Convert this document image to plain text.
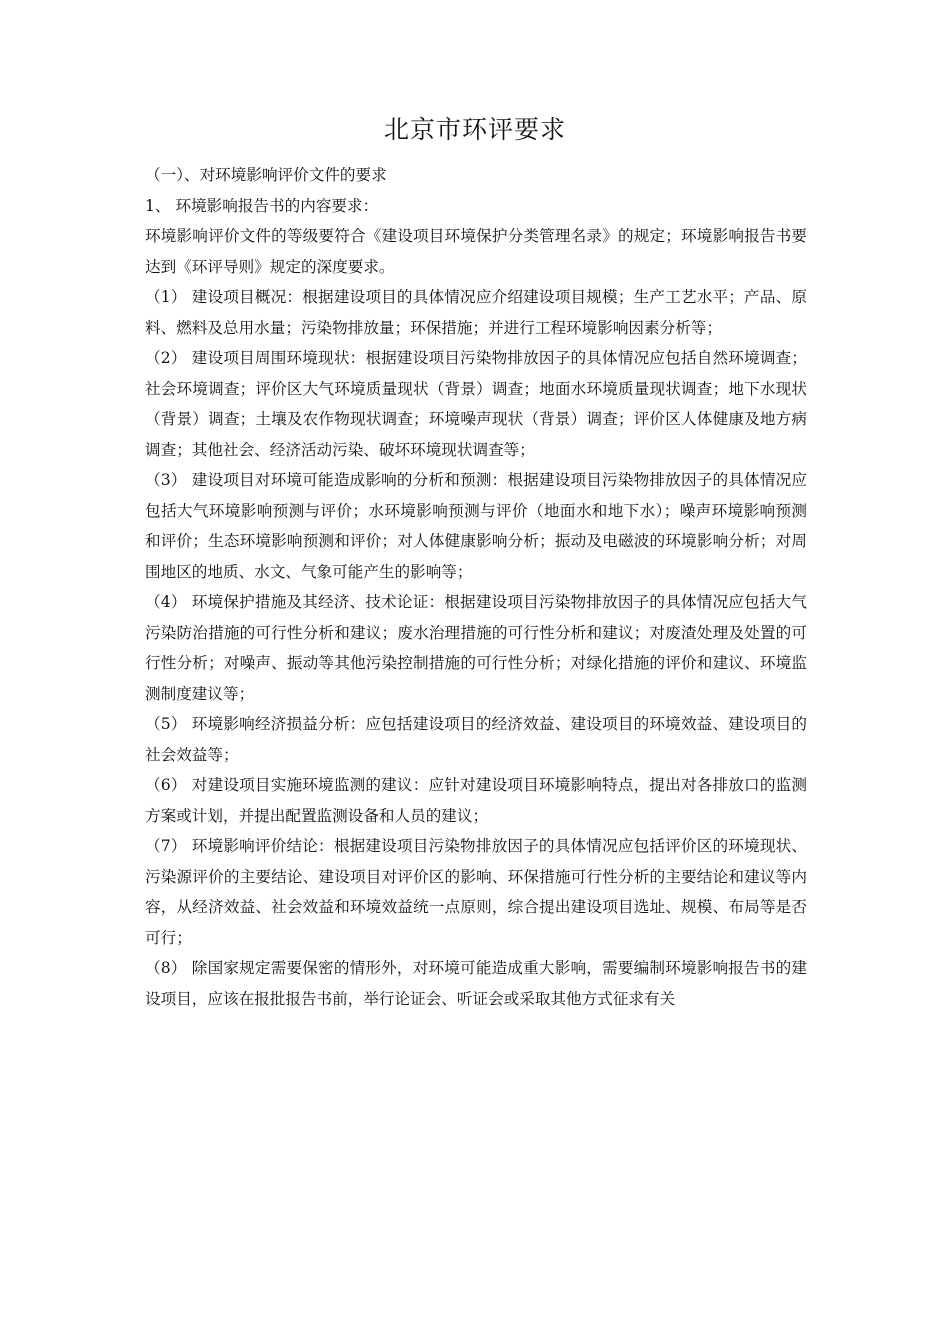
北京市环评要求

（一）、对环境影响评价文件的要求

1、 环境影响报告书的内容要求：

环境影响评价文件的等级要符合《建设项目环境保护分类管理名录》的规定；环境影响报告书要达到《环评导则》规定的深度要求。

（1） 建设项目概况：根据建设项目的具体情况应介绍建设项目规模；生产工艺水平；产品、原料、燃料及总用水量；污染物排放量；环保措施；并进行工程环境影响因素分析等；

（2） 建设项目周围环境现状：根据建设项目污染物排放因子的具体情况应包括自然环境调查；社会环境调查；评价区大气环境质量现状（背景）调查；地面水环境质量现状调查；地下水现状（背景）调查；土壤及农作物现状调查；环境噪声现状（背景）调查；评价区人体健康及地方病调查；其他社会、经济活动污染、破坏环境现状调查等；

（3） 建设项目对环境可能造成影响的分析和预测：根据建设项目污染物排放因子的具体情况应包括大气环境影响预测与评价；水环境影响预测与评价（地面水和地下水）；噪声环境影响预测和评价；生态环境影响预测和评价；对人体健康影响分析；振动及电磁波的环境影响分析；对周围地区的地质、水文、气象可能产生的影响等；

（4） 环境保护措施及其经济、技术论证：根据建设项目污染物排放因子的具体情况应包括大气污染防治措施的可行性分析和建议；废水治理措施的可行性分析和建议；对废渣处理及处置的可行性分析；对噪声、振动等其他污染控制措施的可行性分析；对绿化措施的评价和建议、环境监测制度建议等；

（5） 环境影响经济损益分析：应包括建设项目的经济效益、建设项目的环境效益、建设项目的社会效益等；

（6） 对建设项目实施环境监测的建议：应针对建设项目环境影响特点，提出对各排放口的监测方案或计划，并提出配置监测设备和人员的建议；

（7） 环境影响评价结论：根据建设项目污染物排放因子的具体情况应包括评价区的环境现状、污染源评价的主要结论、建设项目对评价区的影响、环保措施可行性分析的主要结论和建议等内容，从经济效益、社会效益和环境效益统一点原则，综合提出建设项目选址、规模、布局等是否可行；

（8） 除国家规定需要保密的情形外，对环境可能造成重大影响，需要编制环境影响报告书的建设项目，应该在报批报告书前，举行论证会、听证会或采取其他方式征求有关
